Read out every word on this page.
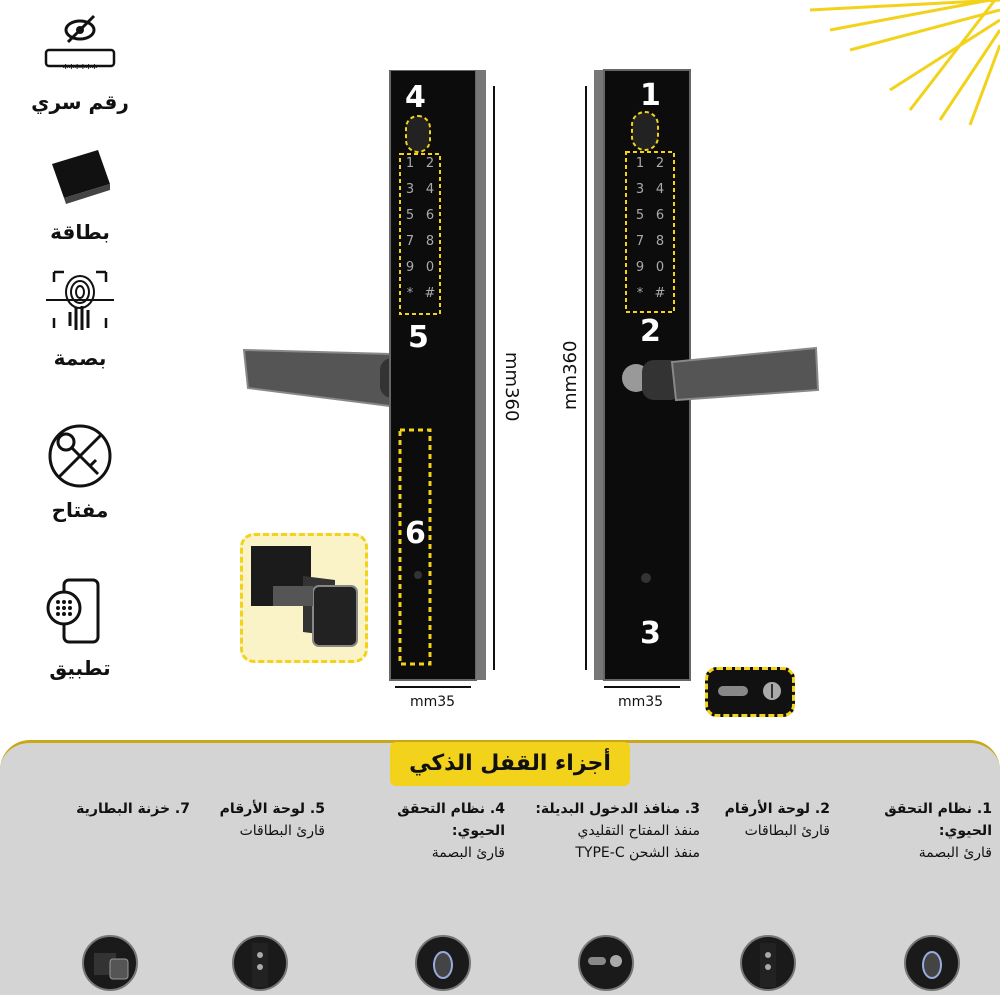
******
رقم سري
بطاقة
بصمة
مفتاح
تطبيق
4
5
6
1 2
3 4
5 6
7 8
9 0
* #
mm360
mm35
1
2
3
1 2
3 4
5 6
7 8
9 0
* #
mm360
mm35
أجزاء القفل الذكي
1. نظام التحقق الحيوي:
قارئ البصمة
2. لوحة الأرقام
قارئ البطاقات
3. منافذ الدخول البديلة:
منفذ المفتاح التقليدي
منفذ الشحن TYPE-C
4. نظام التحقق الحيوي:
قارئ البصمة
5. لوحة الأرقام
قارئ البطاقات
7. خزنة البطارية
